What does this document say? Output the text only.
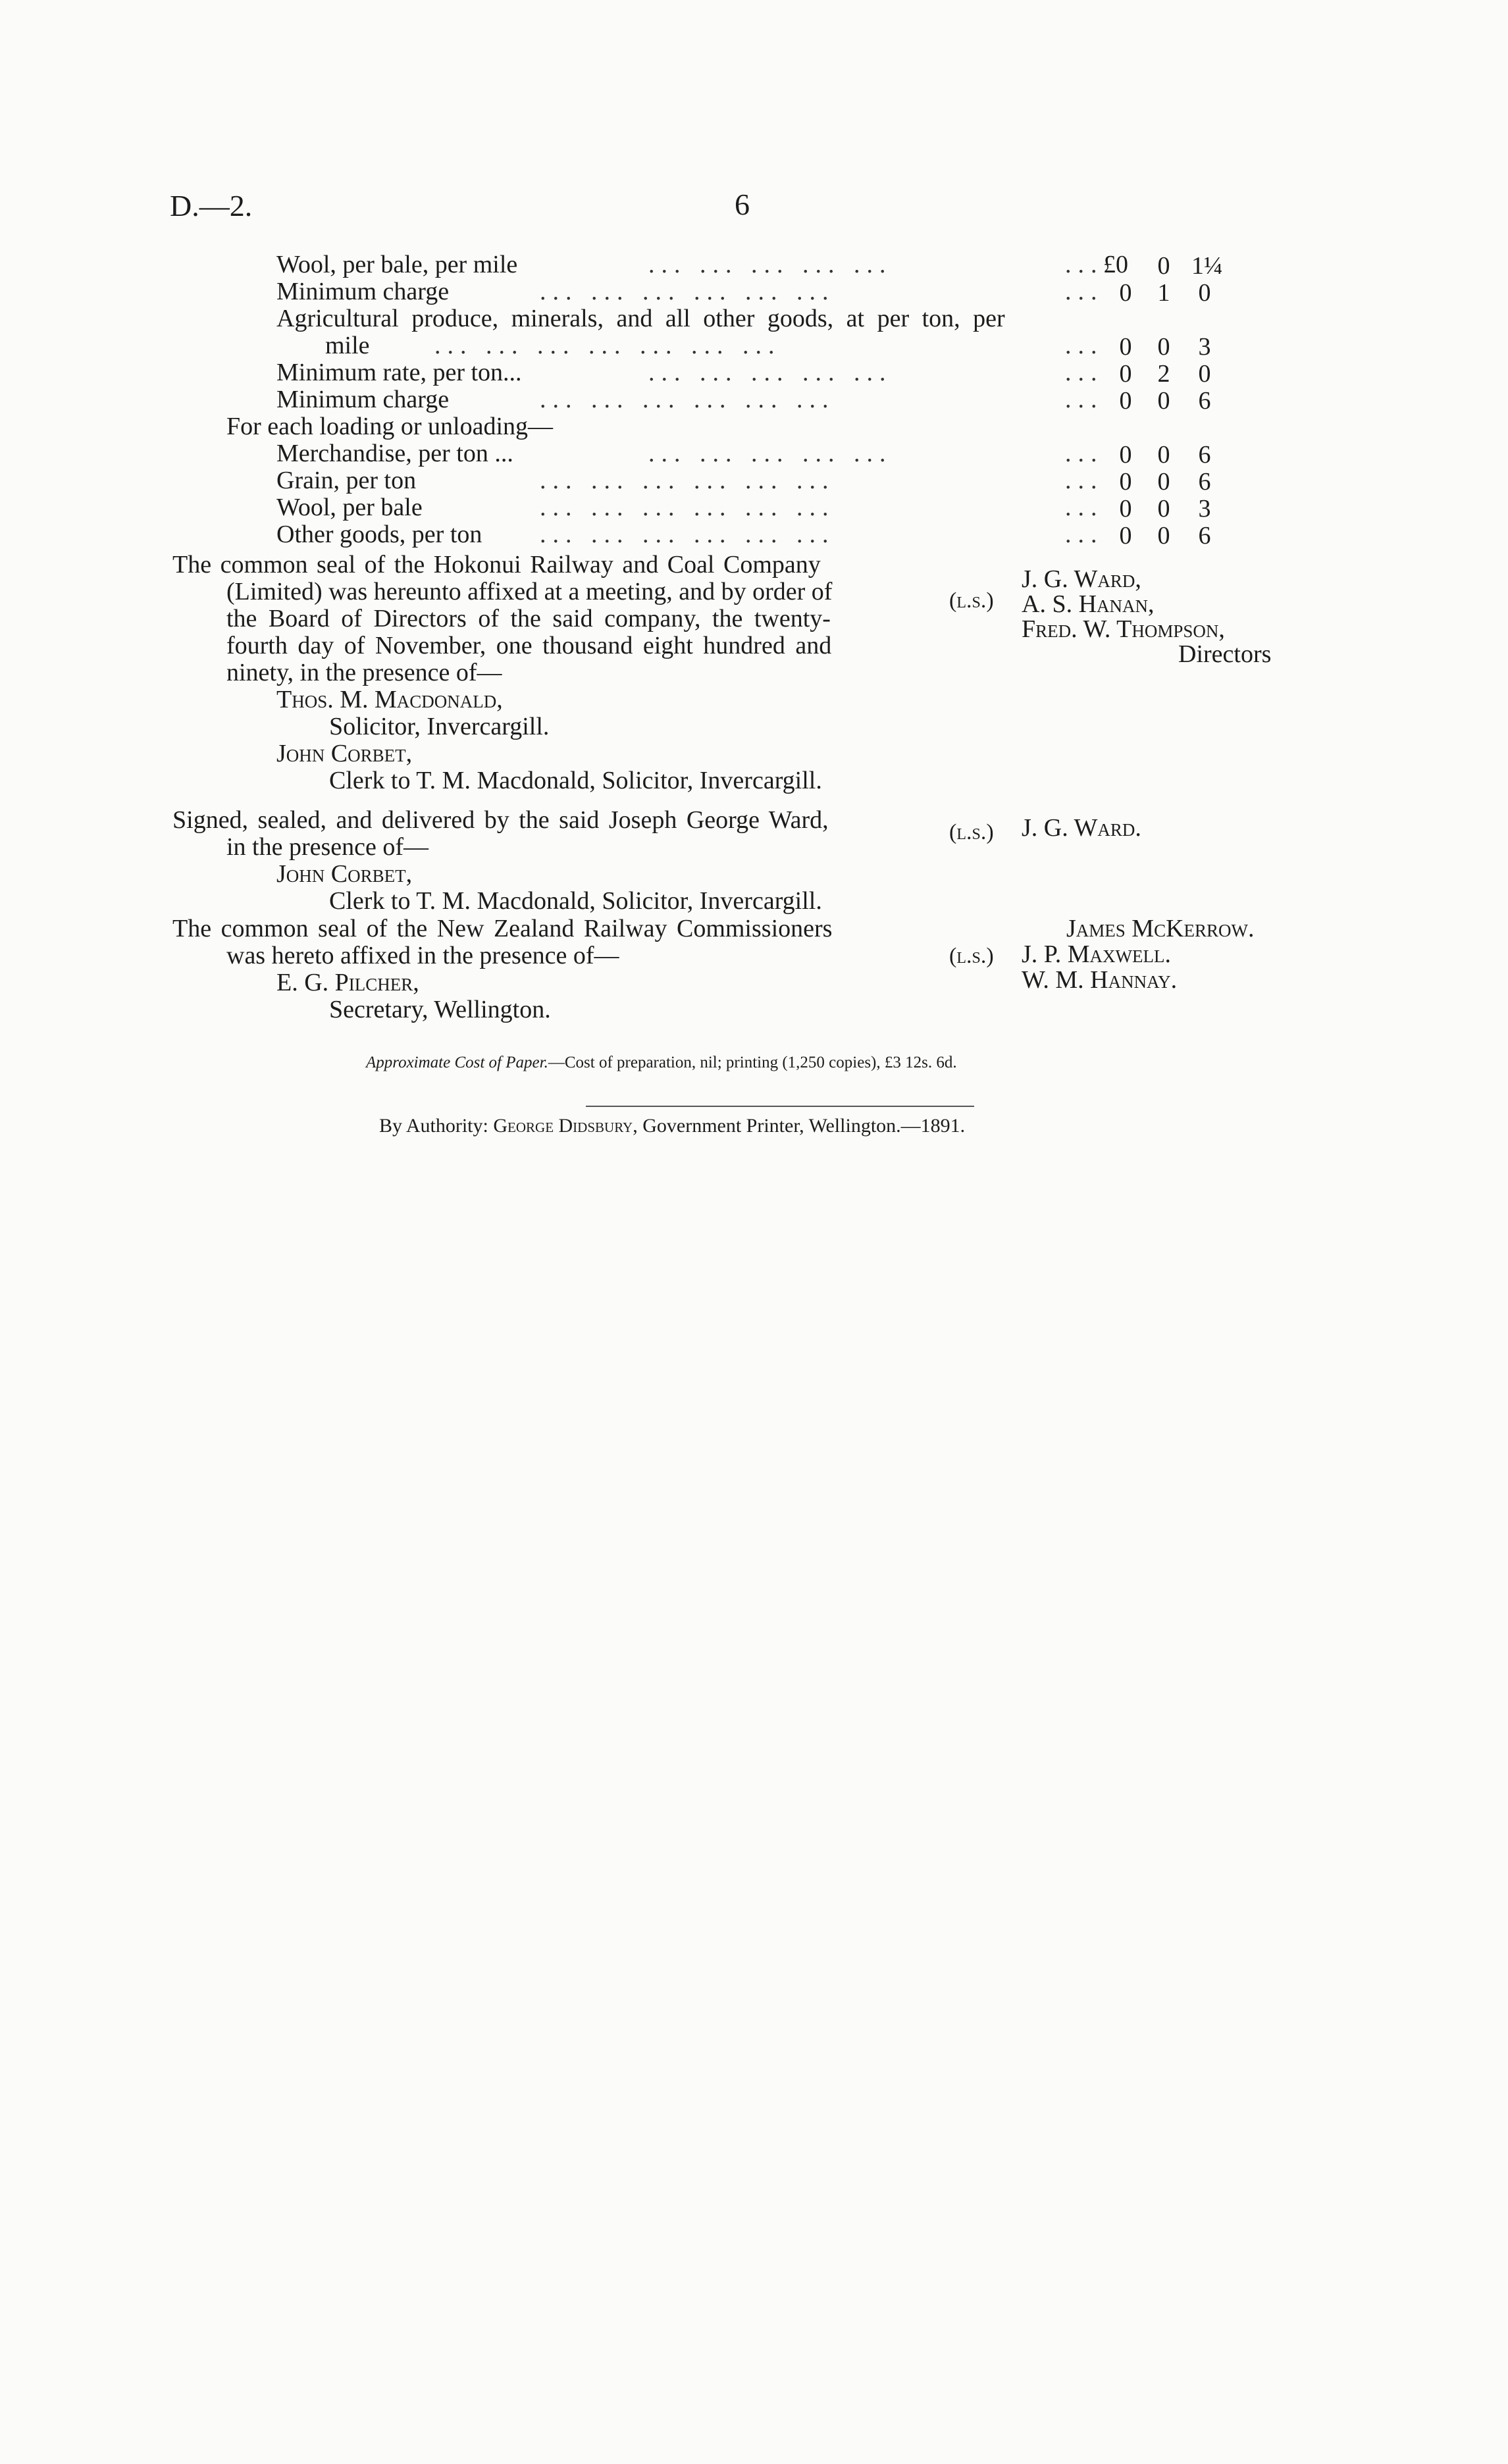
D.—2.	6
Wool, per bale, per mile	... ... ... ... ...	... £0 0 1¼
Minimum charge	... ... ... ... ... ...	... 0 1 0
Agricultural produce, minerals, and all other goods, at per ton, per
mile	... ... ... ... ... ... ...	... 0 0 3
Minimum rate, per ton...	... ... ... ... ...	... 0 2 0
Minimum charge	... ... ... ... ... ...	... 0 0 6
For each loading or unloading—
Merchandise, per ton ...	... ... ... ... ...	... 0 0 6
Grain, per ton	... ... ... ... ... ...	... 0 0 6
Wool, per bale	... ... ... ... ... ...	... 0 0 3
Other goods, per ton ... ... ... ... ... ...	... 0 0 6
The common seal of the Hokonui Railway and Coal Company
(Limited) was hereunto affixed at a meeting, and by order of
the Board of Directors of the said company, the twenty-
fourth day of November, one thousand eight hundred and
ninety, in the presence of—
Thos. M. Macdonald,
Solicitor, Invercargill.
John Corbet,
Clerk to T. M. Macdonald, Solicitor, Invercargill.
(l.s.)
J. G. Ward,
A. S. Hanan,
Fred. W. Thompson,
Directors
Signed, sealed, and delivered by the said Joseph George Ward,
in the presence of—
John Corbet,
Clerk to T. M. Macdonald, Solicitor, Invercargill.
(l.s.) J. G. Ward.
The common seal of the New Zealand Railway Commissioners
was hereto affixed in the presence of—
E. G. Pilcher,
Secretary, Wellington.
(l.s.)
James McKerrow.
J. P. Maxwell.
W. M. Hannay.
Approximate Cost of Paper.—Cost of preparation, nil; printing (1,250 copies), £3 12s. 6d.
By Authority: George Didsbury, Government Printer, Wellington.—1891.
